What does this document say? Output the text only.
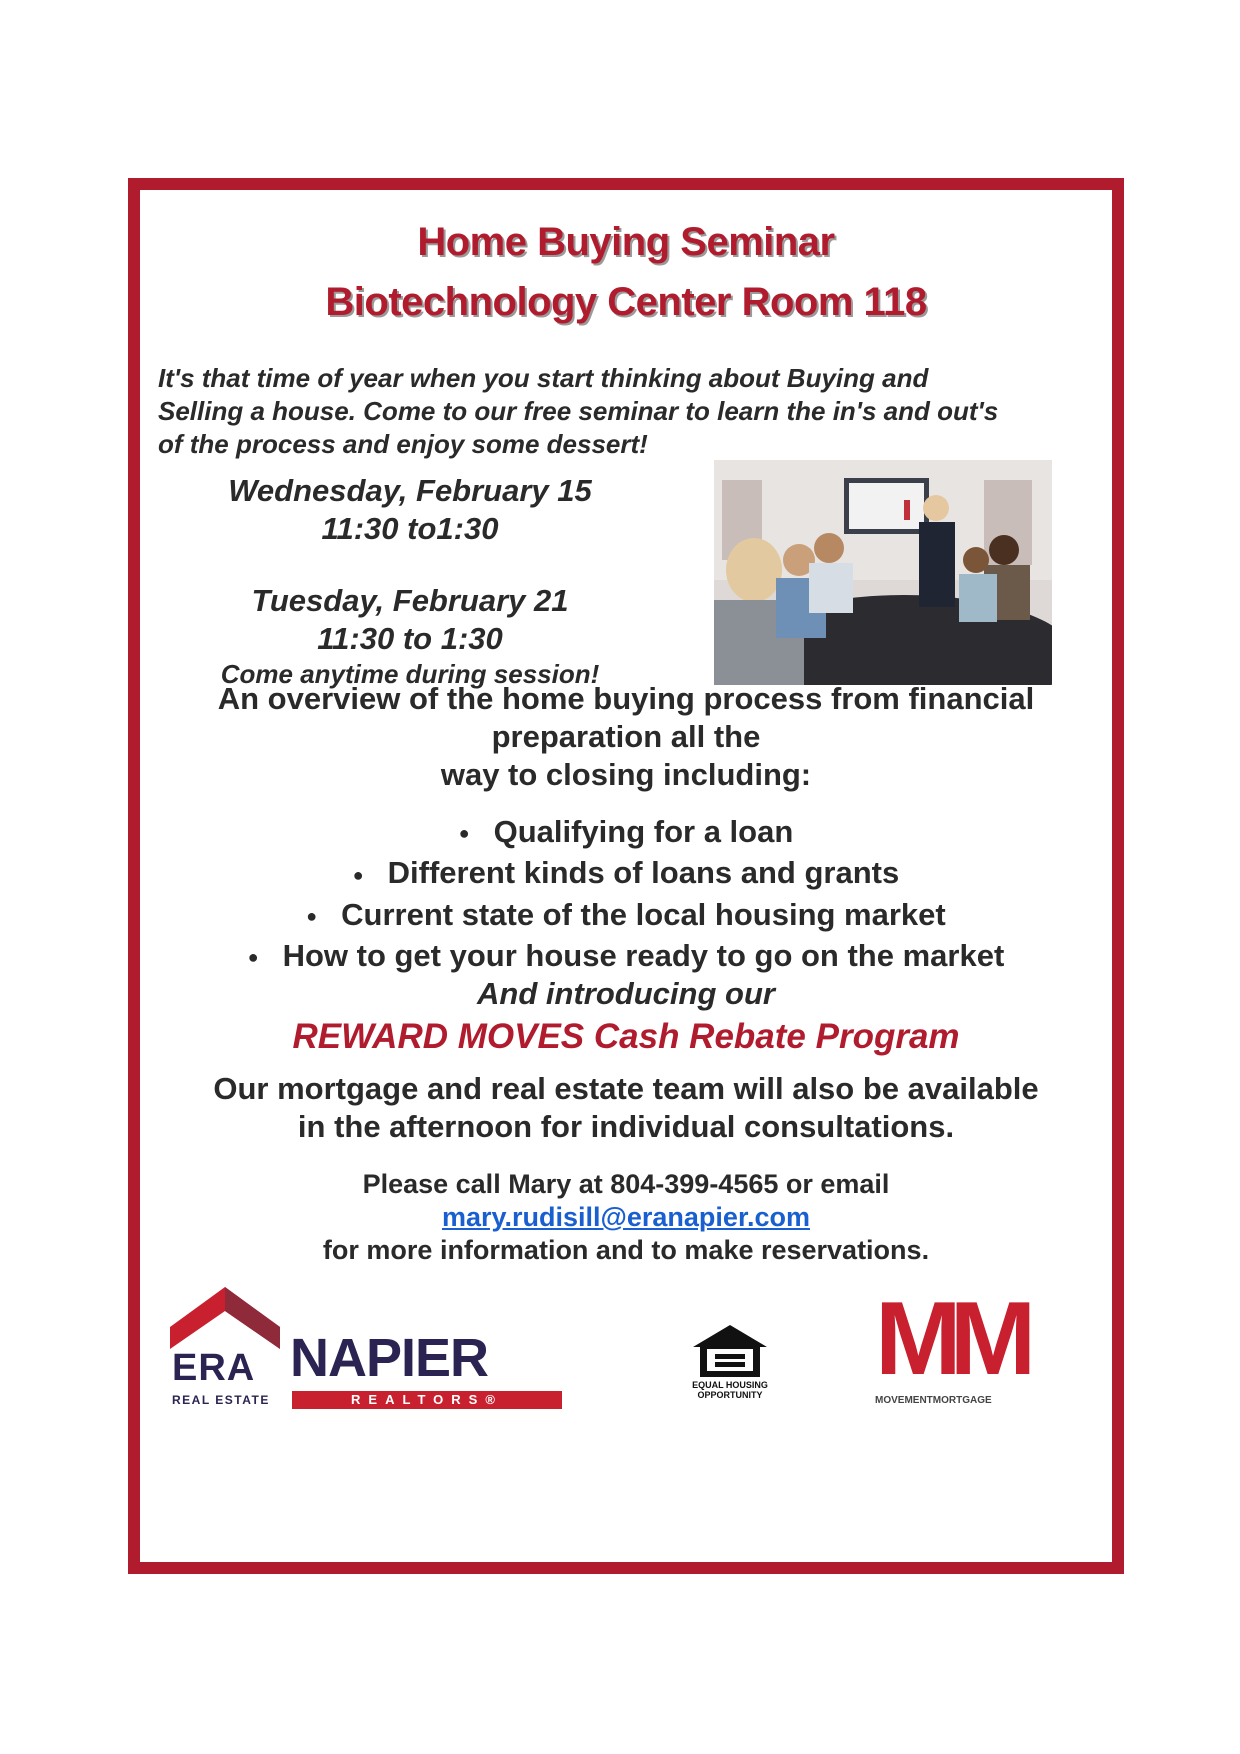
Home Buying Seminar
Biotechnology Center Room 118
It's that time of year when you start thinking about Buying and
Selling a house. Come to our free seminar to learn the in's and out's
of the process and enjoy some dessert!
Wednesday, February 15
11:30 to1:30
Tuesday, February 21
11:30 to 1:30
Come anytime during session!
An overview of the home buying process from financial
preparation all the
way to closing including:
● Qualifying for a loan
● Different kinds of loans and grants
● Current state of the local housing market
● How to get your house ready to go on the market
And introducing our
REWARD MOVES Cash Rebate Program
Our mortgage and real estate team will also be available
in the afternoon for individual consultations.
Please call Mary at 804-399-4565 or email
mary.rudisill@eranapier.com
for more information and to make reservations.
ERA
REAL ESTATE
NAPIER
REALTORS®
EQUAL HOUSING
OPPORTUNITY MM
MOVEMENTMORTGAGE
